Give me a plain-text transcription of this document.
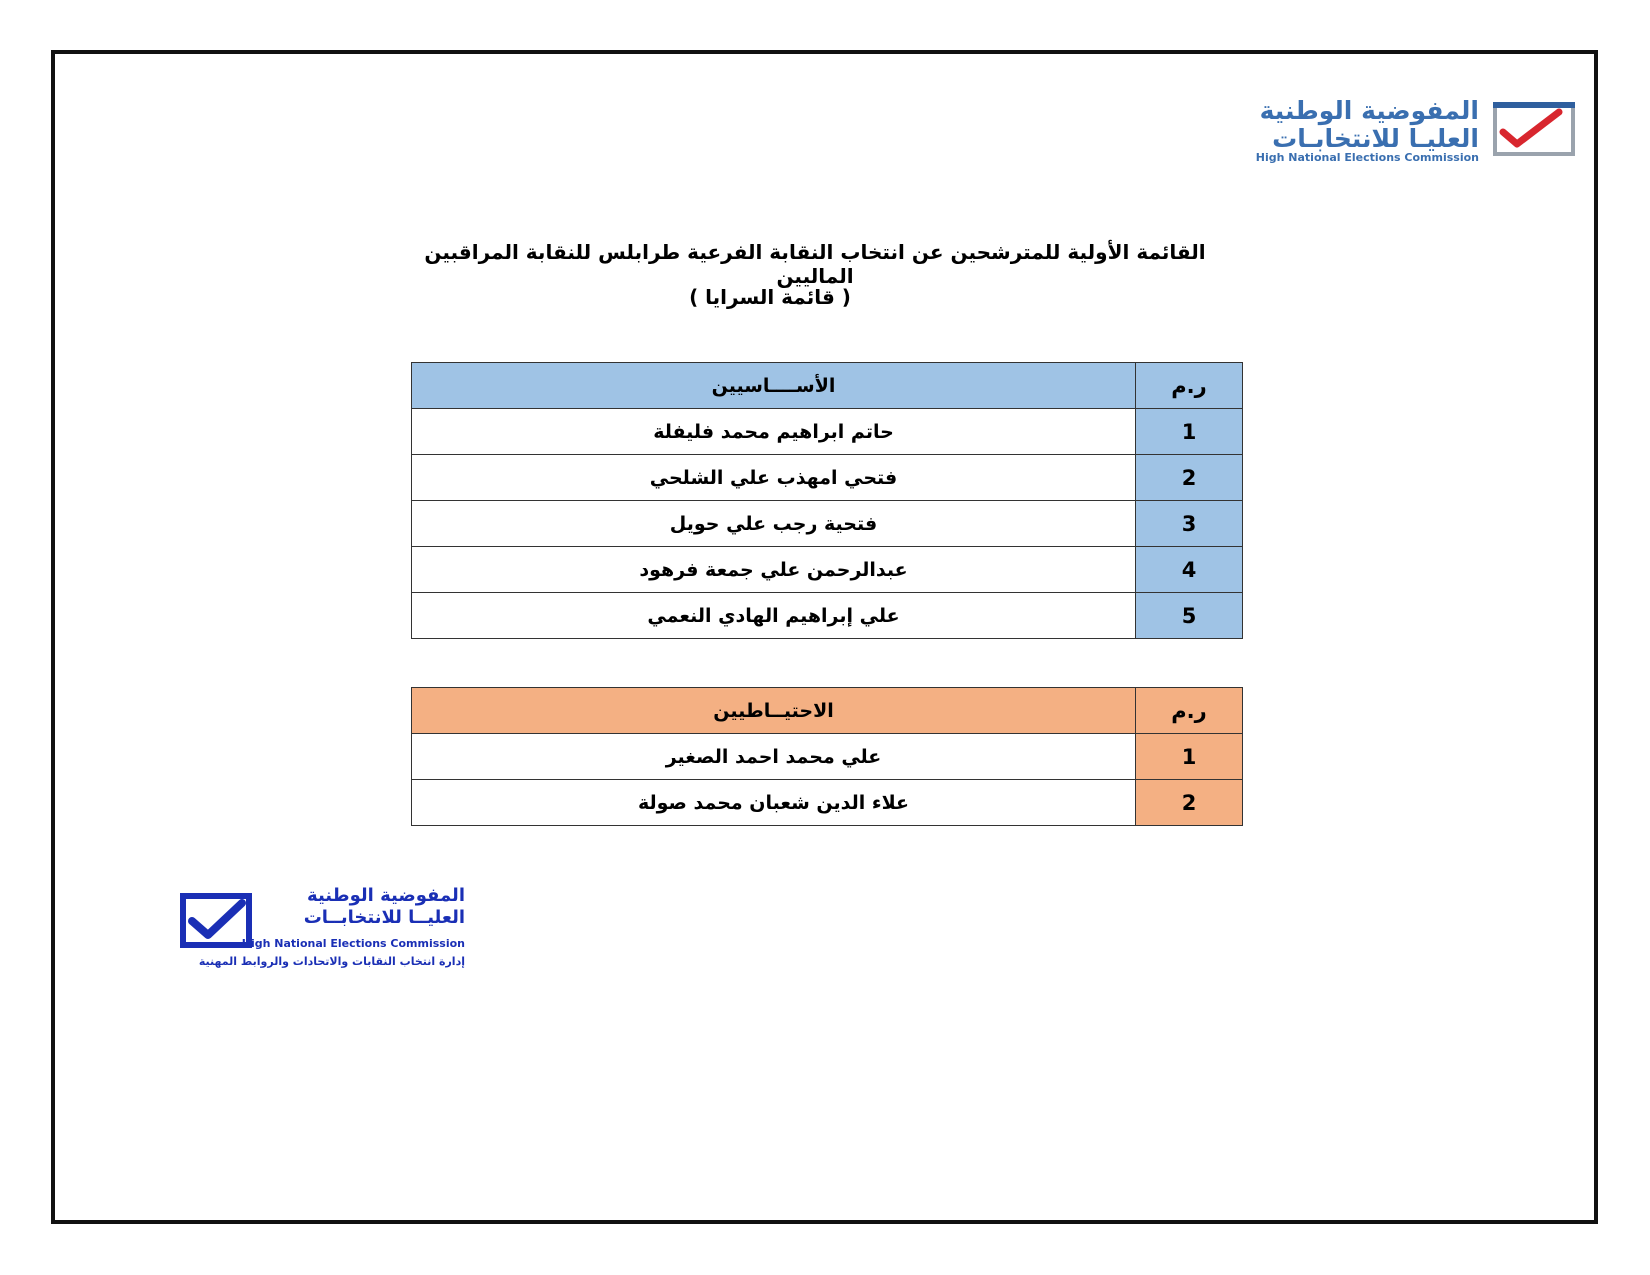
المفوضية الوطنية
العليـا للانتخابـات
High National Elections Commission
القائمة الأولية للمترشحين عن انتخاب النقابة الفرعية طرابلس للنقابة المراقبين الماليين
( قائمة السرايا )
ر.م	الأســــاسيين
1	حاتم ابراهيم محمد فليفلة
2	فتحي امهذب علي الشلحي
3	فتحية رجب علي حويل
4	عبدالرحمن علي جمعة فرهود
5	علي إبراهيم الهادي النعمي
ر.م	الاحتيــاطيين
1	علي محمد احمد الصغير
2	علاء الدين شعبان محمد صولة
المفوضية الوطنية
العليــا للانتخابــات
High National Elections Commission
إدارة انتخاب النقابات والاتحادات والروابط المهنية
